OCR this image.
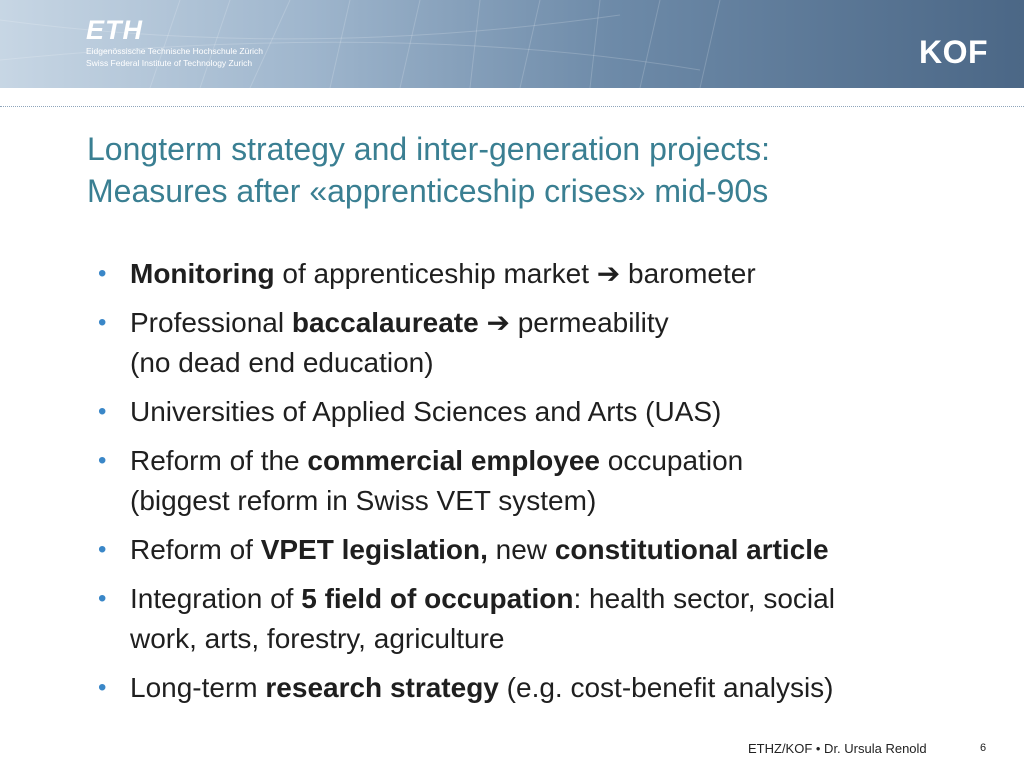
ETH
Eidgenössische Technische Hochschule Zürich
Swiss Federal Institute of Technology Zurich	KOF
Longterm strategy and inter-generation projects:
Measures after «apprenticeship crises» mid-90s
• Monitoring of apprenticeship market ➔ barometer
• Professional baccalaureate ➔ permeability
(no dead end education)
• Universities of Applied Sciences and Arts (UAS)
• Reform of the commercial employee occupation
(biggest reform in Swiss VET system)
• Reform of VPET legislation, new constitutional article
• Integration of 5 field of occupation: health sector, social
work, arts, forestry, agriculture
• Long-term research strategy (e.g. cost-benefit analysis)
ETHZ/KOF • Dr. Ursula Renold	6
